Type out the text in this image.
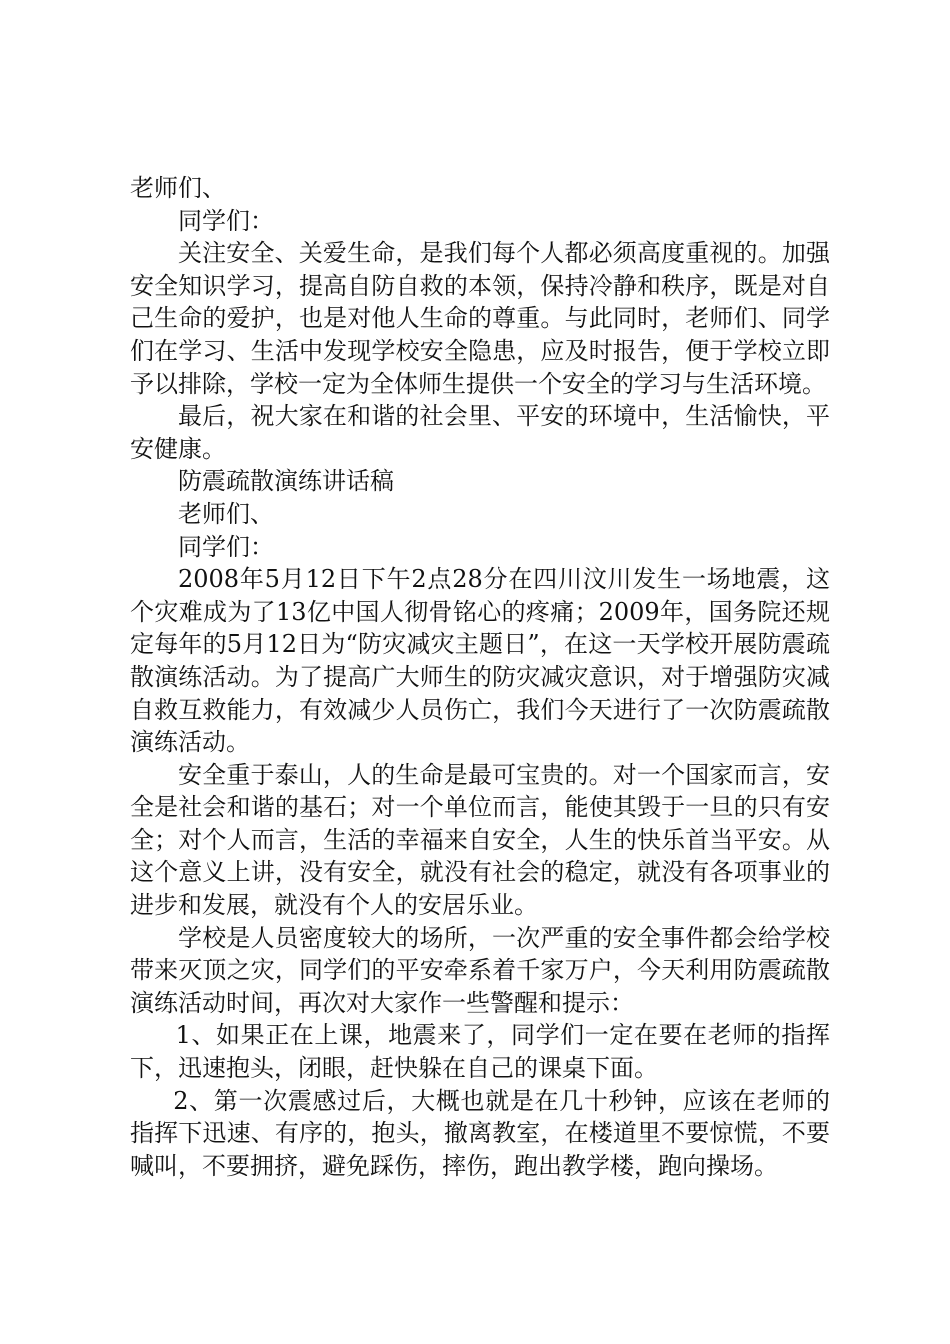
老师们、

同学们：

关注安全、关爱生命，是我们每个人都必须高度重视的。加强安全知识学习，提高自防自救的本领，保持冷静和秩序，既是对自己生命的爱护，也是对他人生命的尊重。与此同时，老师们、同学们在学习、生活中发现学校安全隐患，应及时报告，便于学校立即予以排除，学校一定为全体师生提供一个安全的学习与生活环境。

最后，祝大家在和谐的社会里、平安的环境中，生活愉快，平安健康。

防震疏散演练讲话稿

老师们、

同学们：

2008年5月12日下午2点28分在四川汶川发生一场地震，这个灾难成为了13亿中国人彻骨铭心的疼痛；2009年，国务院还规定每年的5月12日为“防灾减灾主题日”，在这一天学校开展防震疏散演练活动。为了提高广大师生的防灾减灾意识，对于增强防灾减自救互救能力，有效减少人员伤亡，我们今天进行了一次防震疏散演练活动。

安全重于泰山，人的生命是最可宝贵的。对一个国家而言，安全是社会和谐的基石；对一个单位而言，能使其毁于一旦的只有安全；对个人而言，生活的幸福来自安全，人生的快乐首当平安。从这个意义上讲，没有安全，就没有社会的稳定，就没有各项事业的进步和发展，就没有个人的安居乐业。

学校是人员密度较大的场所，一次严重的安全事件都会给学校带来灭顶之灾，同学们的平安牵系着千家万户，今天利用防震疏散演练活动时间，再次对大家作一些警醒和提示：

1、如果正在上课，地震来了，同学们一定在要在老师的指挥下，迅速抱头，闭眼，赶快躲在自己的课桌下面。

2、第一次震感过后，大概也就是在几十秒钟，应该在老师的指挥下迅速、有序的，抱头，撤离教室，在楼道里不要惊慌，不要喊叫，不要拥挤，避免踩伤，摔伤，跑出教学楼，跑向操场。
